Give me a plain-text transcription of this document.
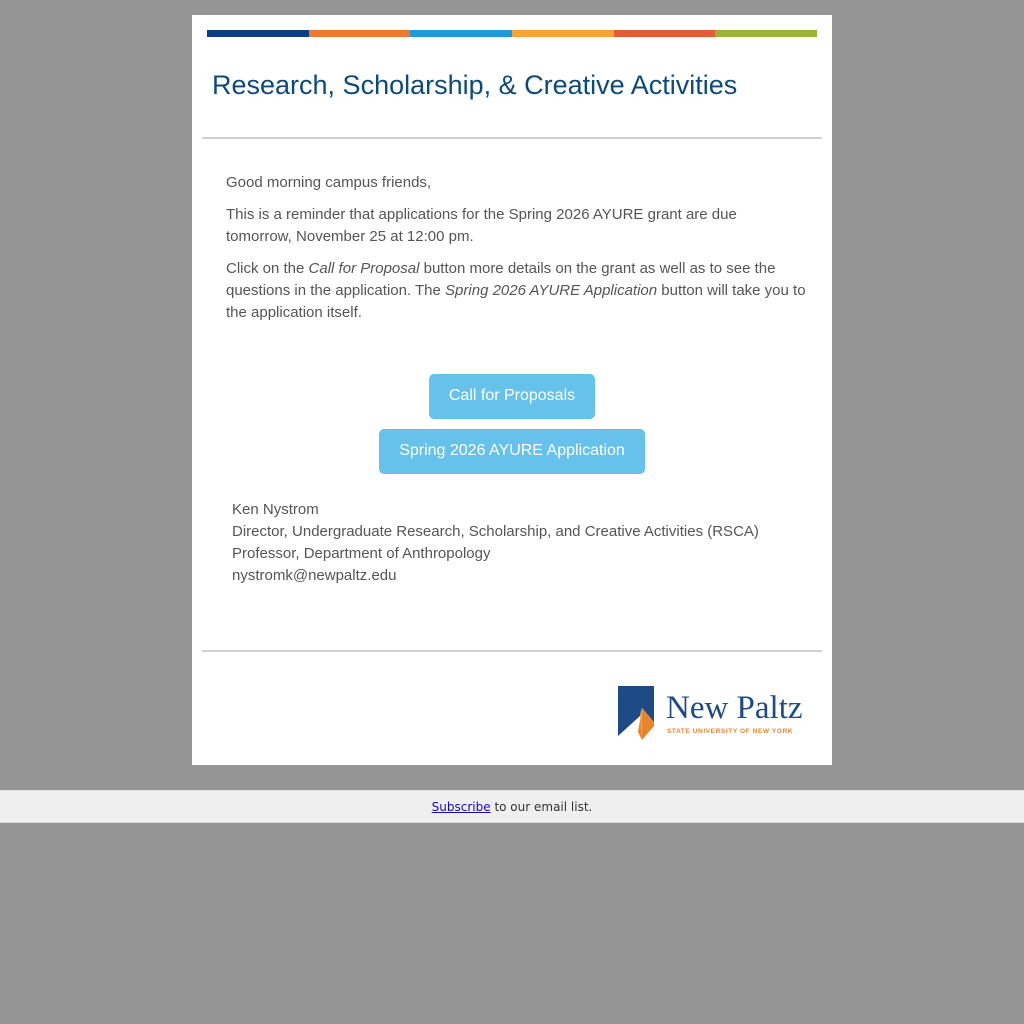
Research, Scholarship, & Creative Activities

Good morning campus friends,

This is a reminder that applications for the Spring 2026 AYURE grant are due tomorrow, November 25 at 12:00 pm.

Click on the Call for Proposal button more details on the grant as well as to see the questions in the application. The Spring 2026 AYURE Application button will take you to the application itself.

Call for Proposals
Spring 2026 AYURE Application
Ken Nystrom
Director, Undergraduate Research, Scholarship, and Creative Activities (RSCA)
Professor, Department of Anthropology
nystromk@newpaltz.edu
New Paltz
STATE UNIVERSITY OF NEW YORK
Subscribe to our email list.
